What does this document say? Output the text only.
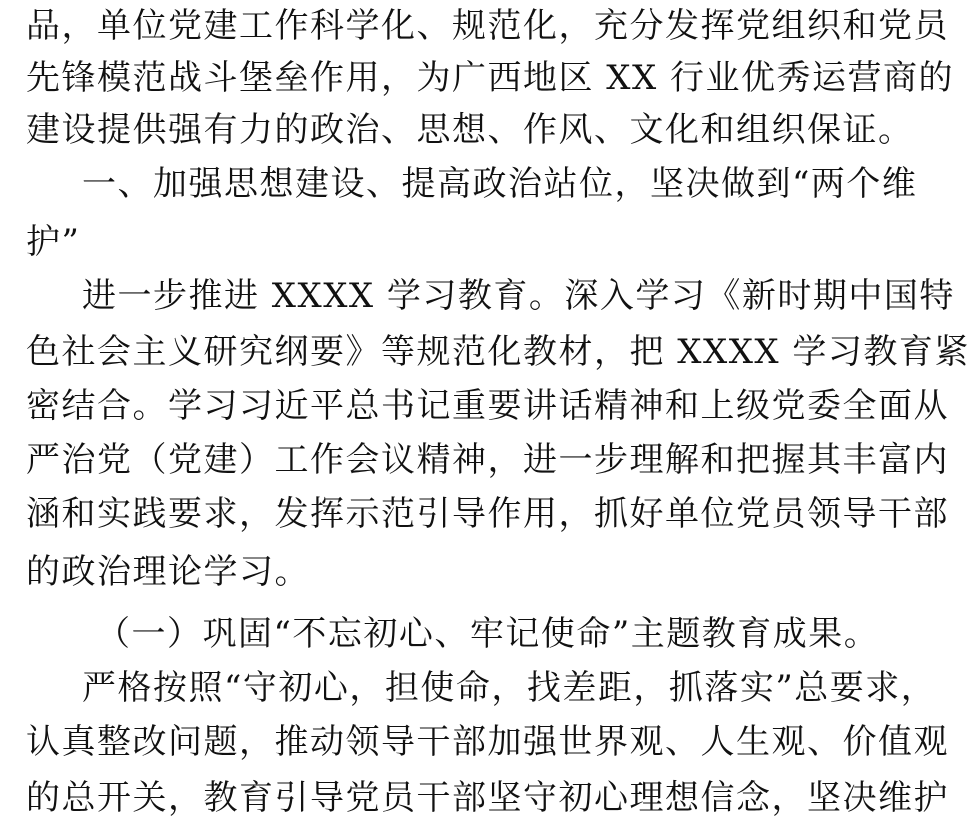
品，单位党建工作科学化、规范化，充分发挥党组织和党员
先锋模范战斗堡垒作用，为广西地区 XX 行业优秀运营商的
建设提供强有力的政治、思想、作风、文化和组织保证。
一、加强思想建设、提高政治站位，坚决做到“两个维
护”
进一步推进 XXXX 学习教育。深入学习《新时期中国特
色社会主义研究纲要》等规范化教材，把 XXXX 学习教育紧
密结合。学习习近平总书记重要讲话精神和上级党委全面从
严治党（党建）工作会议精神，进一步理解和把握其丰富内
涵和实践要求，发挥示范引导作用，抓好单位党员领导干部
的政治理论学习。
（一）巩固“不忘初心、牢记使命”主题教育成果。
严格按照“守初心，担使命，找差距，抓落实”总要求，
认真整改问题，推动领导干部加强世界观、人生观、价值观
的总开关，教育引导党员干部坚守初心理想信念，坚决维护
